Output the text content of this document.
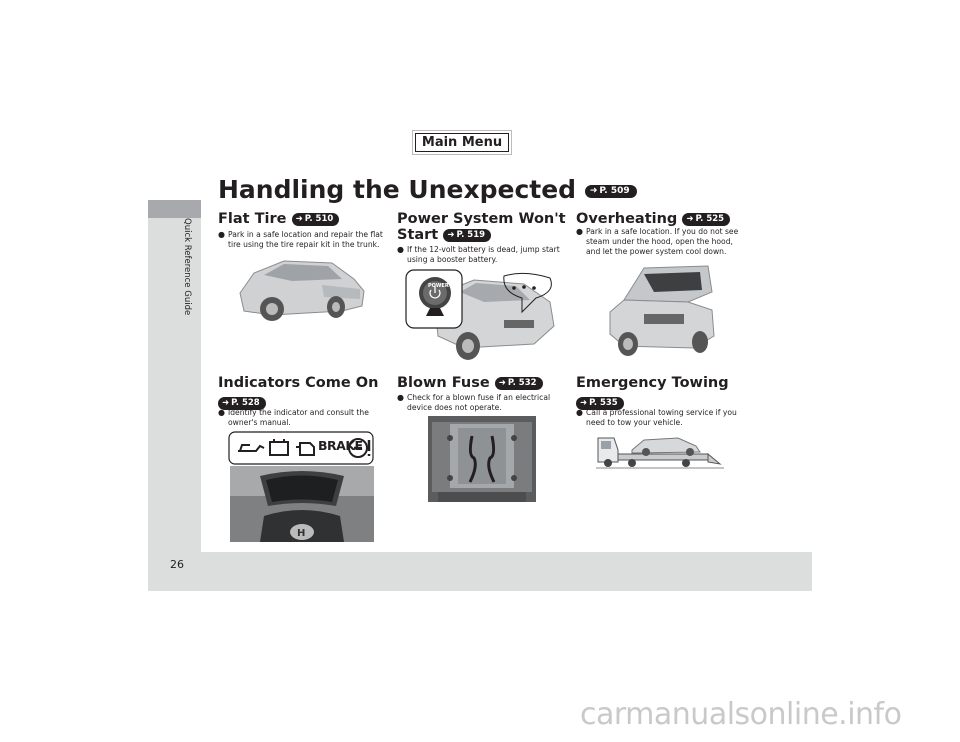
Quick Reference Guide
26
Main Menu
Handling the Unexpected ➜ P. 509
Flat Tire ➜ P. 510
● Park in a safe location and repair the flat tire using the tire repair kit in the trunk.
Power System Won't
Start ➜ P. 519
● If the 12-volt battery is dead, jump start using a booster battery.
POWER
Overheating ➜ P. 525
● Park in a safe location. If you do not see steam under the hood, open the hood, and let the power system cool down.
Indicators Come On
➜ P. 528
● Identify the indicator and consult the owner's manual.
BRAKE
H
Blown Fuse ➜ P. 532
● Check for a blown fuse if an electrical device does not operate.
Emergency Towing
➜ P. 535
● Call a professional towing service if you need to tow your vehicle.
carmanualsonline.info
